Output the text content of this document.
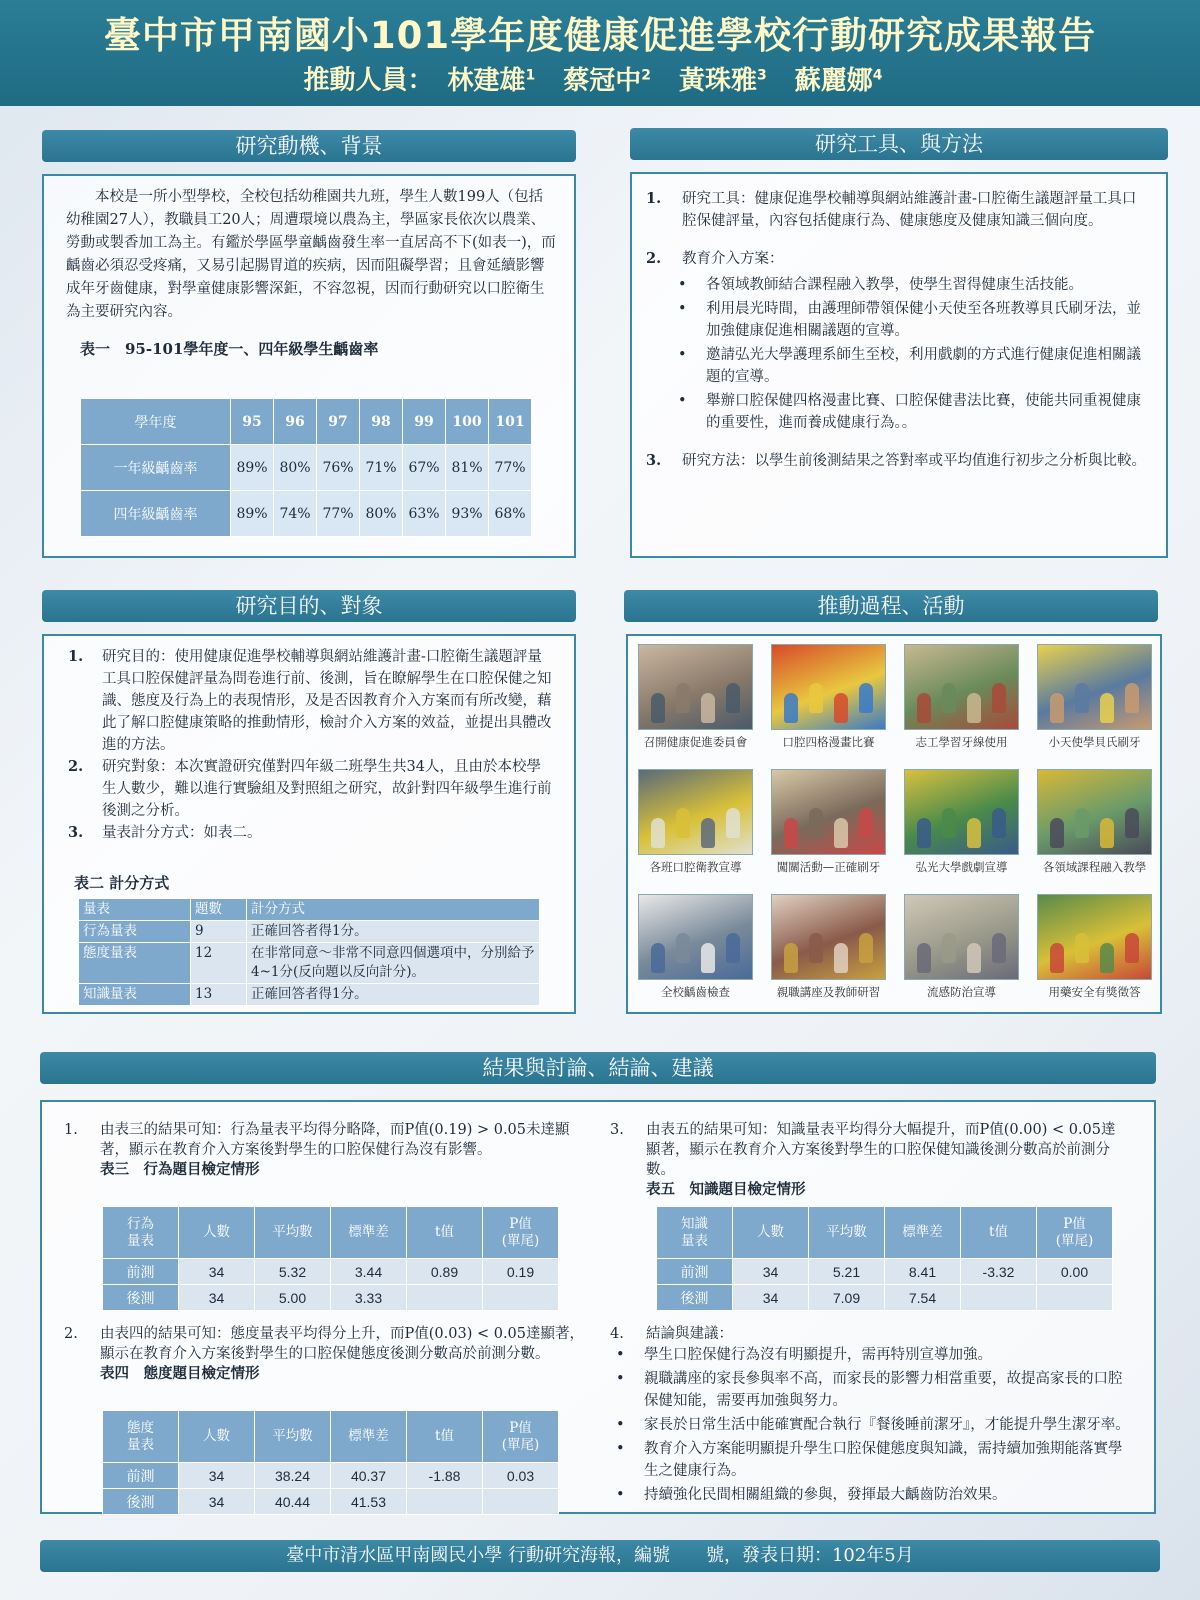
臺中市甲南國小101學年度健康促進學校行動研究成果報告
推動人員： 林建雄$^1$ 蔡冠中$^2$ 黃珠雅$^3$ 蘇麗娜$^4$
研究動機、背景
本校是一所小型學校，全校包括幼稚園共九班，學生人數199人（包括幼稚園27人），教職員工20人；周遭環境以農為主，學區家長依次以農業、勞動或製香加工為主。有鑑於學區學童齲齒發生率一直居高不下(如表一)，而齲齒必須忍受疼痛，又易引起腸胃道的疾病，因而阻礙學習；且會延續影響成年牙齒健康，對學童健康影響深鉅，不容忽視，因而行動研究以口腔衛生為主要研究內容。
表一　95-101學年度一、四年級學生齲齒率
學年度	95	96	97	98	99	100	101
一年級齲齒率	89%	80%	76%	71%	67%	81%	77%
四年級齲齒率	89%	74%	77%	80%	63%	93%	68%
研究工具、與方法
1. 研究工具：健康促進學校輔導與網站維護計畫-口腔衛生議題評量工具口腔保健評量，內容包括健康行為、健康態度及健康知識三個向度。
2. 教育介入方案：
• 各領域教師結合課程融入教學，使學生習得健康生活技能。
• 利用晨光時間，由護理師帶領保健小天使至各班教導貝氏刷牙法，並加強健康促進相關議題的宣導。
• 邀請弘光大學護理系師生至校，利用戲劇的方式進行健康促進相關議題的宣導。
• 舉辦口腔保健四格漫畫比賽、口腔保健書法比賽，使能共同重視健康的重要性，進而養成健康行為。。
3. 研究方法：以學生前後測結果之答對率或平均值進行初步之分析與比較。
研究目的、對象
1. 研究目的：使用健康促進學校輔導與網站維護計畫-口腔衛生議題評量工具口腔保健評量為問卷進行前、後測，旨在瞭解學生在口腔保健之知識、態度及行為上的表現情形，及是否因教育介入方案而有所改變，藉此了解口腔健康策略的推動情形，檢討介入方案的效益，並提出具體改進的方法。
2. 研究對象：本次實證研究僅對四年級二班學生共34人，且由於本校學生人數少，難以進行實驗組及對照組之研究，故針對四年級學生進行前後測之分析。
3. 量表計分方式：如表二。
表二 計分方式
量表	題數	計分方式
行為量表	9	正確回答者得1分。
態度量表	12	在非常同意～非常不同意四個選項中，分別給予4~1分(反向題以反向計分)。
知識量表	13	正確回答者得1分。
推動過程、活動
召開健康促進委員會	口腔四格漫畫比賽	志工學習牙線使用	小天使學貝氏刷牙
各班口腔衛教宣導	闖關活動—正確刷牙	弘光大學戲劇宣導	各領域課程融入教學
全校齲齒檢查	親職講座及教師研習	流感防治宣導	用藥安全有獎徵答
結果與討論、結論、建議
1.	由表三的結果可知：行為量表平均得分略降，而P值(0.19) > 0.05未達顯著，顯示在教育介入方案後對學生的口腔保健行為沒有影響。
表三　行為題目檢定情形
行為
量表	人數	平均數	標準差	t值	P值
(單尾)
前測	34	5.32	3.44	0.89	0.19
後測	34	5.00	3.33		
2.	由表四的結果可知：態度量表平均得分上升，而P值(0.03) < 0.05達顯著，顯示在教育介入方案後對學生的口腔保健態度後測分數高於前測分數。
表四　態度題目檢定情形
態度
量表	人數	平均數	標準差	t值	P值
(單尾)
前測	34	38.24	40.37	-1.88	0.03
後測	34	40.44	41.53		
3.	由表五的結果可知：知識量表平均得分大幅提升，而P值(0.00) < 0.05達顯著，顯示在教育介入方案後對學生的口腔保健知識後測分數高於前測分數。
表五　知識題目檢定情形
知識
量表	人數	平均數	標準差	t值	P值
(單尾)
前測	34	5.21	8.41	-3.32	0.00
後測	34	7.09	7.54		
4.	結論與建議：
• 學生口腔保健行為沒有明顯提升，需再特別宣導加強。
• 親職講座的家長參與率不高，而家長的影響力相當重要，故提高家長的口腔保健知能，需要再加強與努力。
• 家長於日常生活中能確實配合執行『餐後睡前潔牙』，才能提升學生潔牙率。
• 教育介入方案能明顯提升學生口腔保健態度與知識，需持續加強期能落實學生之健康行為。
• 持續強化民間相關組織的參與，發揮最大齲齒防治效果。
臺中市清水區甲南國民小學 行動研究海報，編號　　號，發表日期：102年5月
